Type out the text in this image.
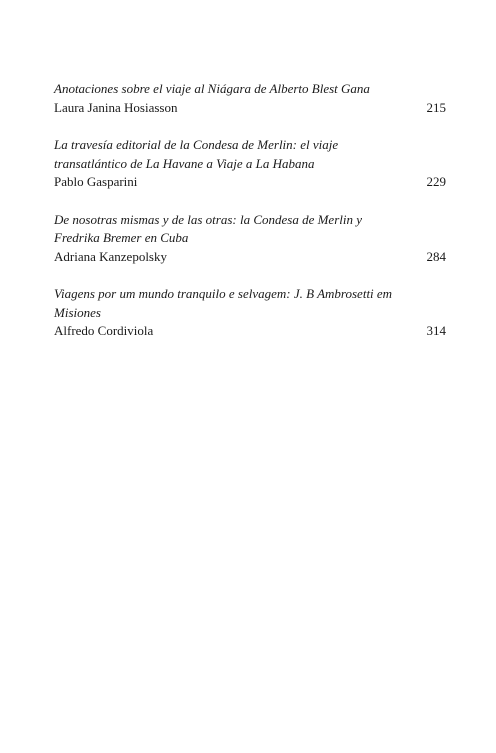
Anotaciones sobre el viaje al Niágara de Alberto Blest Gana

Laura Janina Hosiasson	215

La travesía editorial de la Condesa de Merlin: el viaje transatlántico de La Havane a Viaje a La Habana

Pablo Gasparini	229

De nosotras mismas y de las otras: la Condesa de Merlin y Fredrika Bremer en Cuba

Adriana Kanzepolsky	284

Viagens por um mundo tranquilo e selvagem: J. B Ambrosetti em Misiones

Alfredo Cordiviola	314
